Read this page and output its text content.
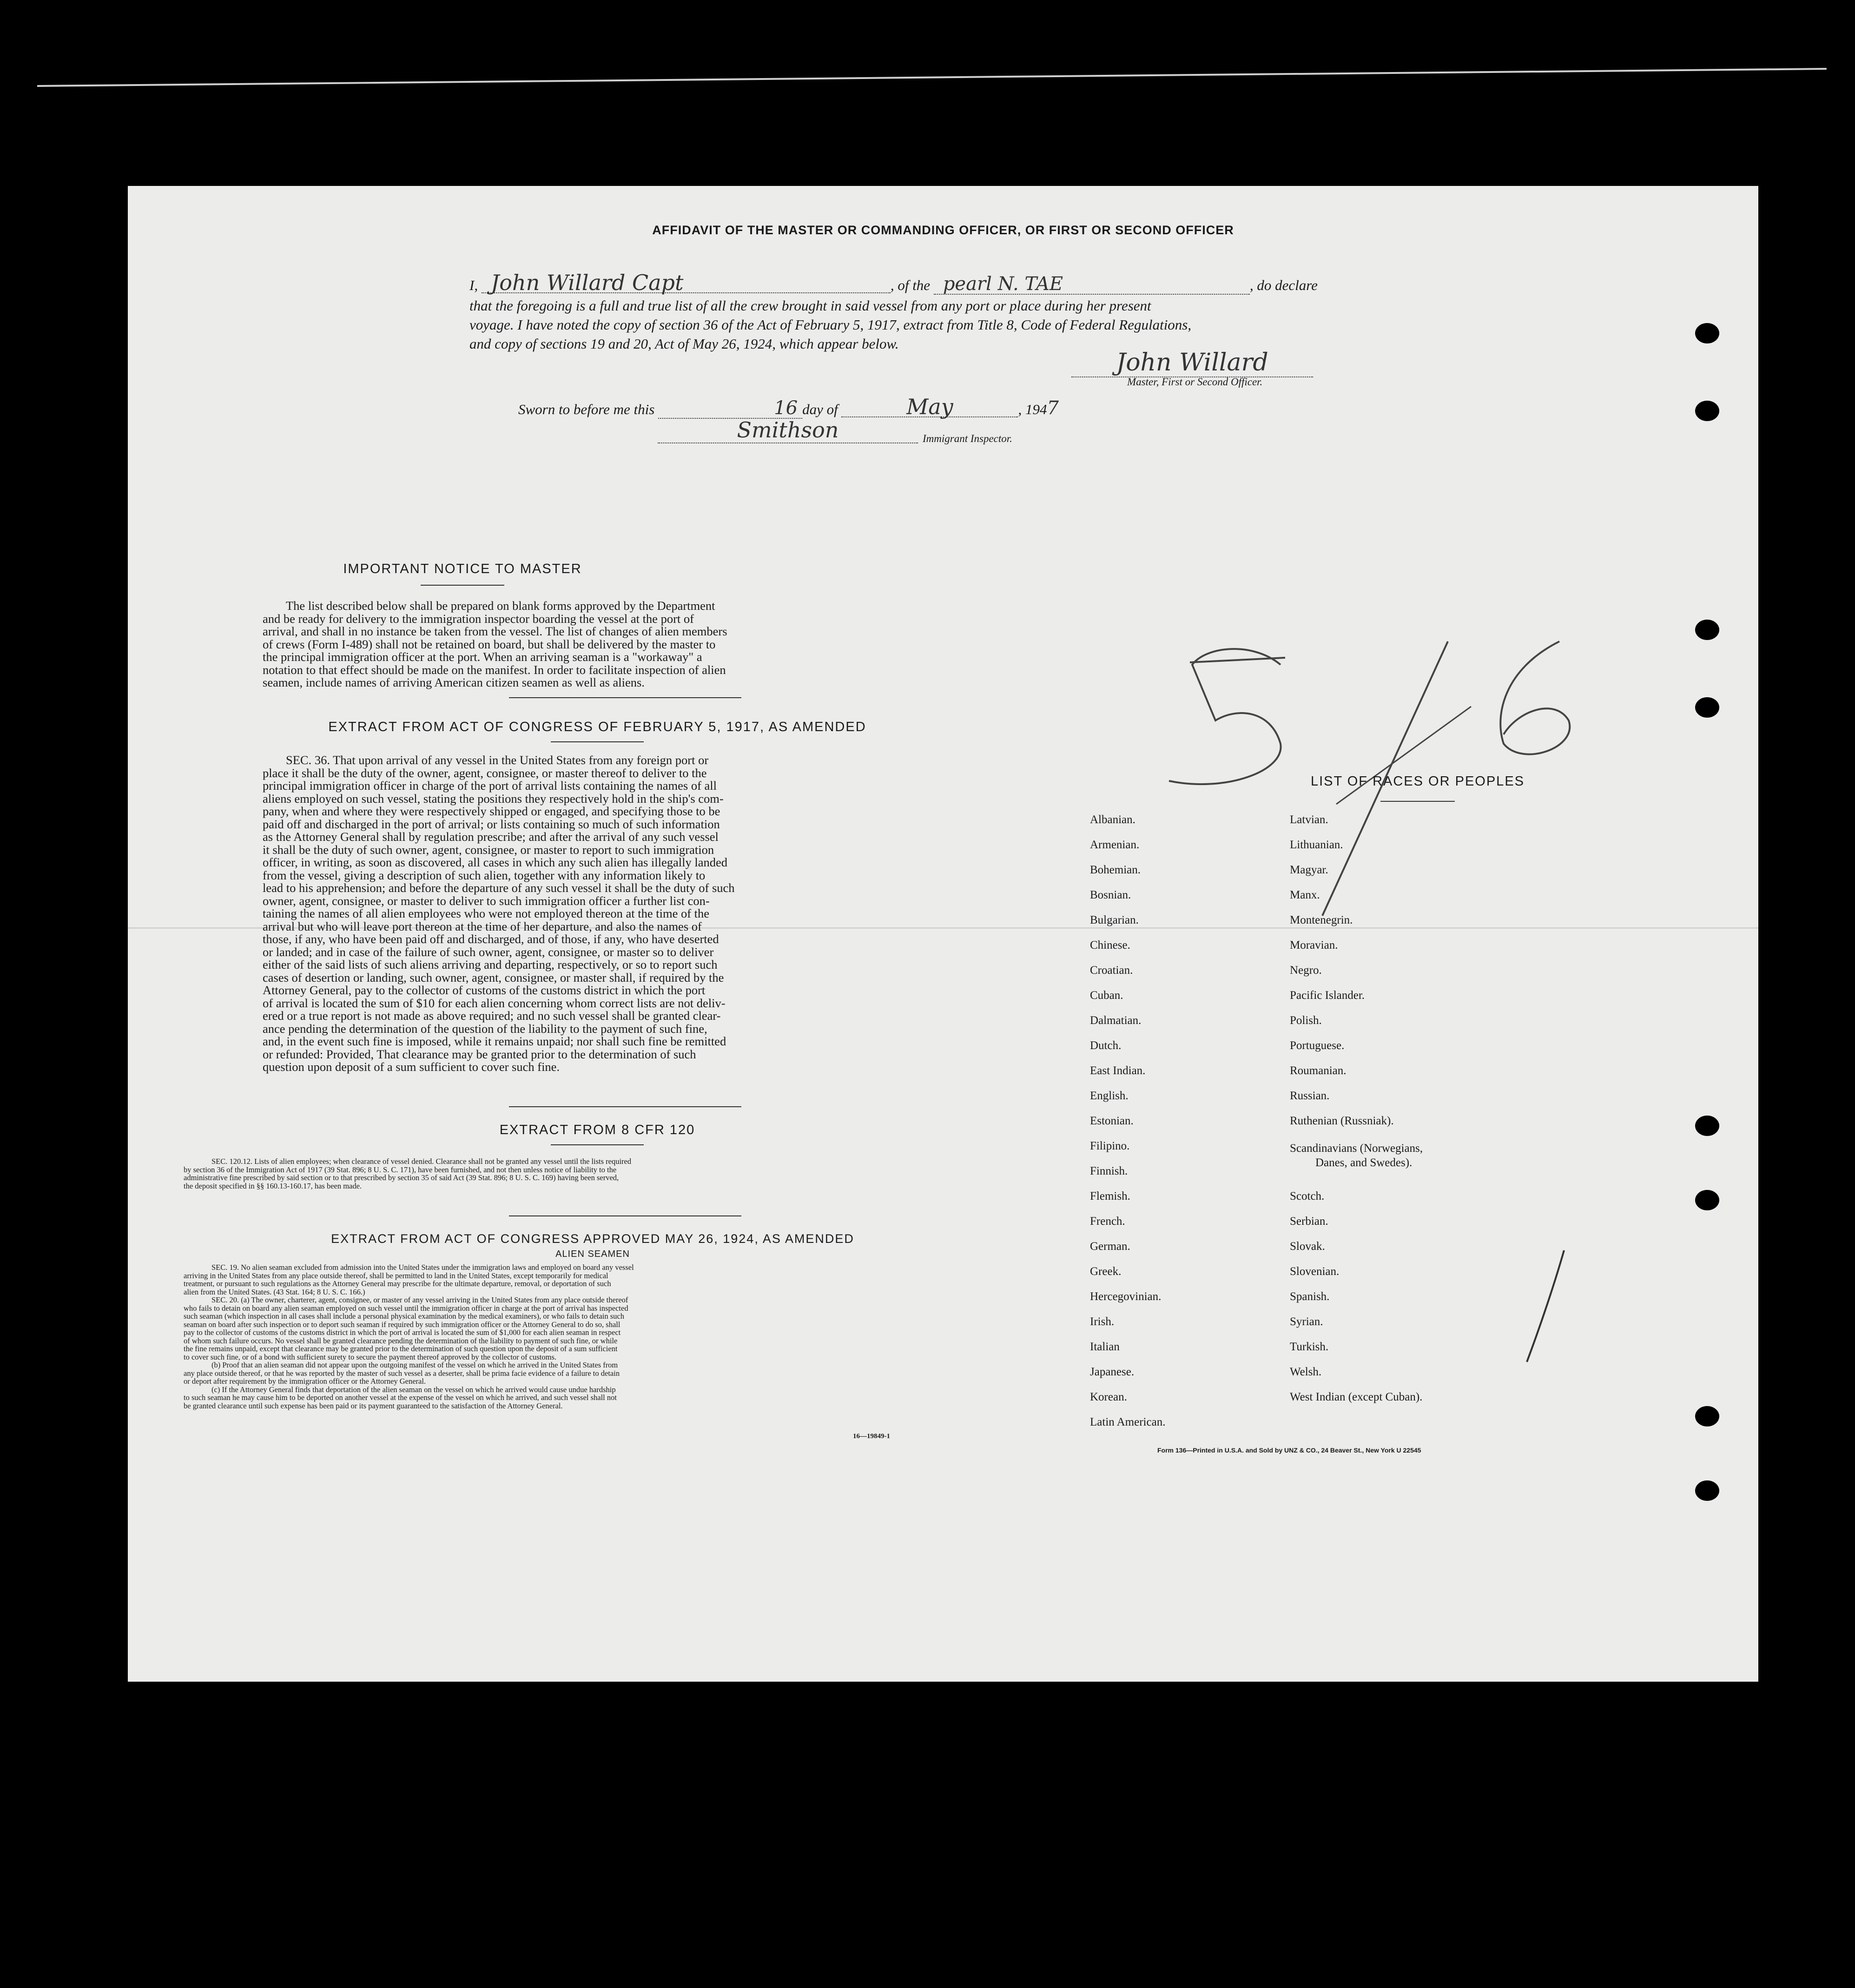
AFFIDAVIT OF THE MASTER OR COMMANDING OFFICER, OR FIRST OR SECOND OFFICER
I, John Willard Capt	, of the pearl N. TAE	, do declare
that the foregoing is a full and true list of all the crew brought in said vessel from any port or place during her present
voyage. I have noted the copy of section 36 of the Act of February 5, 1917, extract from Title 8, Code of Federal Regulations,
and copy of sections 19 and 20, Act of May 26, 1924, which appear below.
John Willard
Master, First or Second Officer.
Sworn to before me this	16 day of	May	, 1947
Smithson	Immigrant Inspector.
IMPORTANT NOTICE TO MASTER
The list described below shall be prepared on blank forms approved by the Department
and be ready for delivery to the immigration inspector boarding the vessel at the port of
arrival, and shall in no instance be taken from the vessel. The list of changes of alien members
of crews (Form I-489) shall not be retained on board, but shall be delivered by the master to
the principal immigration officer at the port. When an arriving seaman is a "workaway" a
notation to that effect should be made on the manifest. In order to facilitate inspection of alien
seamen, include names of arriving American citizen seamen as well as aliens.
EXTRACT FROM ACT OF CONGRESS OF FEBRUARY 5, 1917, AS AMENDED
SEC. 36. That upon arrival of any vessel in the United States from any foreign port or
place it shall be the duty of the owner, agent, consignee, or master thereof to deliver to the
principal immigration officer in charge of the port of arrival lists containing the names of all
aliens employed on such vessel, stating the positions they respectively hold in the ship's com-
pany, when and where they were respectively shipped or engaged, and specifying those to be
paid off and discharged in the port of arrival; or lists containing so much of such information
as the Attorney General shall by regulation prescribe; and after the arrival of any such vessel
it shall be the duty of such owner, agent, consignee, or master to report to such immigration
officer, in writing, as soon as discovered, all cases in which any such alien has illegally landed
from the vessel, giving a description of such alien, together with any information likely to
lead to his apprehension; and before the departure of any such vessel it shall be the duty of such
owner, agent, consignee, or master to deliver to such immigration officer a further list con-
taining the names of all alien employees who were not employed thereon at the time of the
arrival but who will leave port thereon at the time of her departure, and also the names of
those, if any, who have been paid off and discharged, and of those, if any, who have deserted
or landed; and in case of the failure of such owner, agent, consignee, or master so to deliver
either of the said lists of such aliens arriving and departing, respectively, or so to report such
cases of desertion or landing, such owner, agent, consignee, or master shall, if required by the
Attorney General, pay to the collector of customs of the customs district in which the port
of arrival is located the sum of $10 for each alien concerning whom correct lists are not deliv-
ered or a true report is not made as above required; and no such vessel shall be granted clear-
ance pending the determination of the question of the liability to the payment of such fine,
and, in the event such fine is imposed, while it remains unpaid; nor shall such fine be remitted
or refunded: Provided, That clearance may be granted prior to the determination of such
question upon deposit of a sum sufficient to cover such fine.
EXTRACT FROM 8 CFR 120
SEC. 120.12. Lists of alien employees; when clearance of vessel denied. Clearance shall not be granted any vessel until the lists required
by section 36 of the Immigration Act of 1917 (39 Stat. 896; 8 U. S. C. 171), have been furnished, and not then unless notice of liability to the
administrative fine prescribed by said section or to that prescribed by section 35 of said Act (39 Stat. 896; 8 U. S. C. 169) having been served,
the deposit specified in §§ 160.13-160.17, has been made.
EXTRACT FROM ACT OF CONGRESS APPROVED MAY 26, 1924, AS AMENDED
ALIEN SEAMEN
SEC. 19. No alien seaman excluded from admission into the United States under the immigration laws and employed on board any vessel
arriving in the United States from any place outside thereof, shall be permitted to land in the United States, except temporarily for medical
treatment, or pursuant to such regulations as the Attorney General may prescribe for the ultimate departure, removal, or deportation of such
alien from the United States. (43 Stat. 164; 8 U. S. C. 166.)
SEC. 20. (a) The owner, charterer, agent, consignee, or master of any vessel arriving in the United States from any place outside thereof
who fails to detain on board any alien seaman employed on such vessel until the immigration officer in charge at the port of arrival has inspected
such seaman (which inspection in all cases shall include a personal physical examination by the medical examiners), or who fails to detain such
seaman on board after such inspection or to deport such seaman if required by such immigration officer or the Attorney General to do so, shall
pay to the collector of customs of the customs district in which the port of arrival is located the sum of $1,000 for each alien seaman in respect
of whom such failure occurs. No vessel shall be granted clearance pending the determination of the liability to payment of such fine, or while
the fine remains unpaid, except that clearance may be granted prior to the determination of such question upon the deposit of a sum sufficient
to cover such fine, or of a bond with sufficient surety to secure the payment thereof approved by the collector of customs.
(b) Proof that an alien seaman did not appear upon the outgoing manifest of the vessel on which he arrived in the United States from
any place outside thereof, or that he was reported by the master of such vessel as a deserter, shall be prima facie evidence of a failure to detain
or deport after requirement by the immigration officer or the Attorney General.
(c) If the Attorney General finds that deportation of the alien seaman on the vessel on which he arrived would cause undue hardship
to such seaman he may cause him to be deported on another vessel at the expense of the vessel on which he arrived, and such vessel shall not
be granted clearance until such expense has been paid or its payment guaranteed to the satisfaction of the Attorney General.
16—19849-1
LIST OF RACES OR PEOPLES
Albanian.
Armenian.
Bohemian.
Bosnian.
Bulgarian.
Chinese.
Croatian.
Cuban.
Dalmatian.
Dutch.
East Indian.
English.
Estonian.
Filipino.
Finnish.
Flemish.
French.
German.
Greek.
Hercegovinian.
Irish.
Italian
Japanese.
Korean.
Latin American.
Latvian.
Lithuanian.
Magyar.
Manx.
Montenegrin.
Moravian.
Negro.
Pacific Islander.
Polish.
Portuguese.
Roumanian.
Russian.
Ruthenian (Russniak).
Scandinavians (Norwegians,
Danes, and Swedes).
Scotch.
Serbian.
Slovak.
Slovenian.
Spanish.
Syrian.
Turkish.
Welsh.
West Indian (except Cuban).
Form 136—Printed in U.S.A. and Sold by UNZ & CO., 24 Beaver St., New York U 22545
